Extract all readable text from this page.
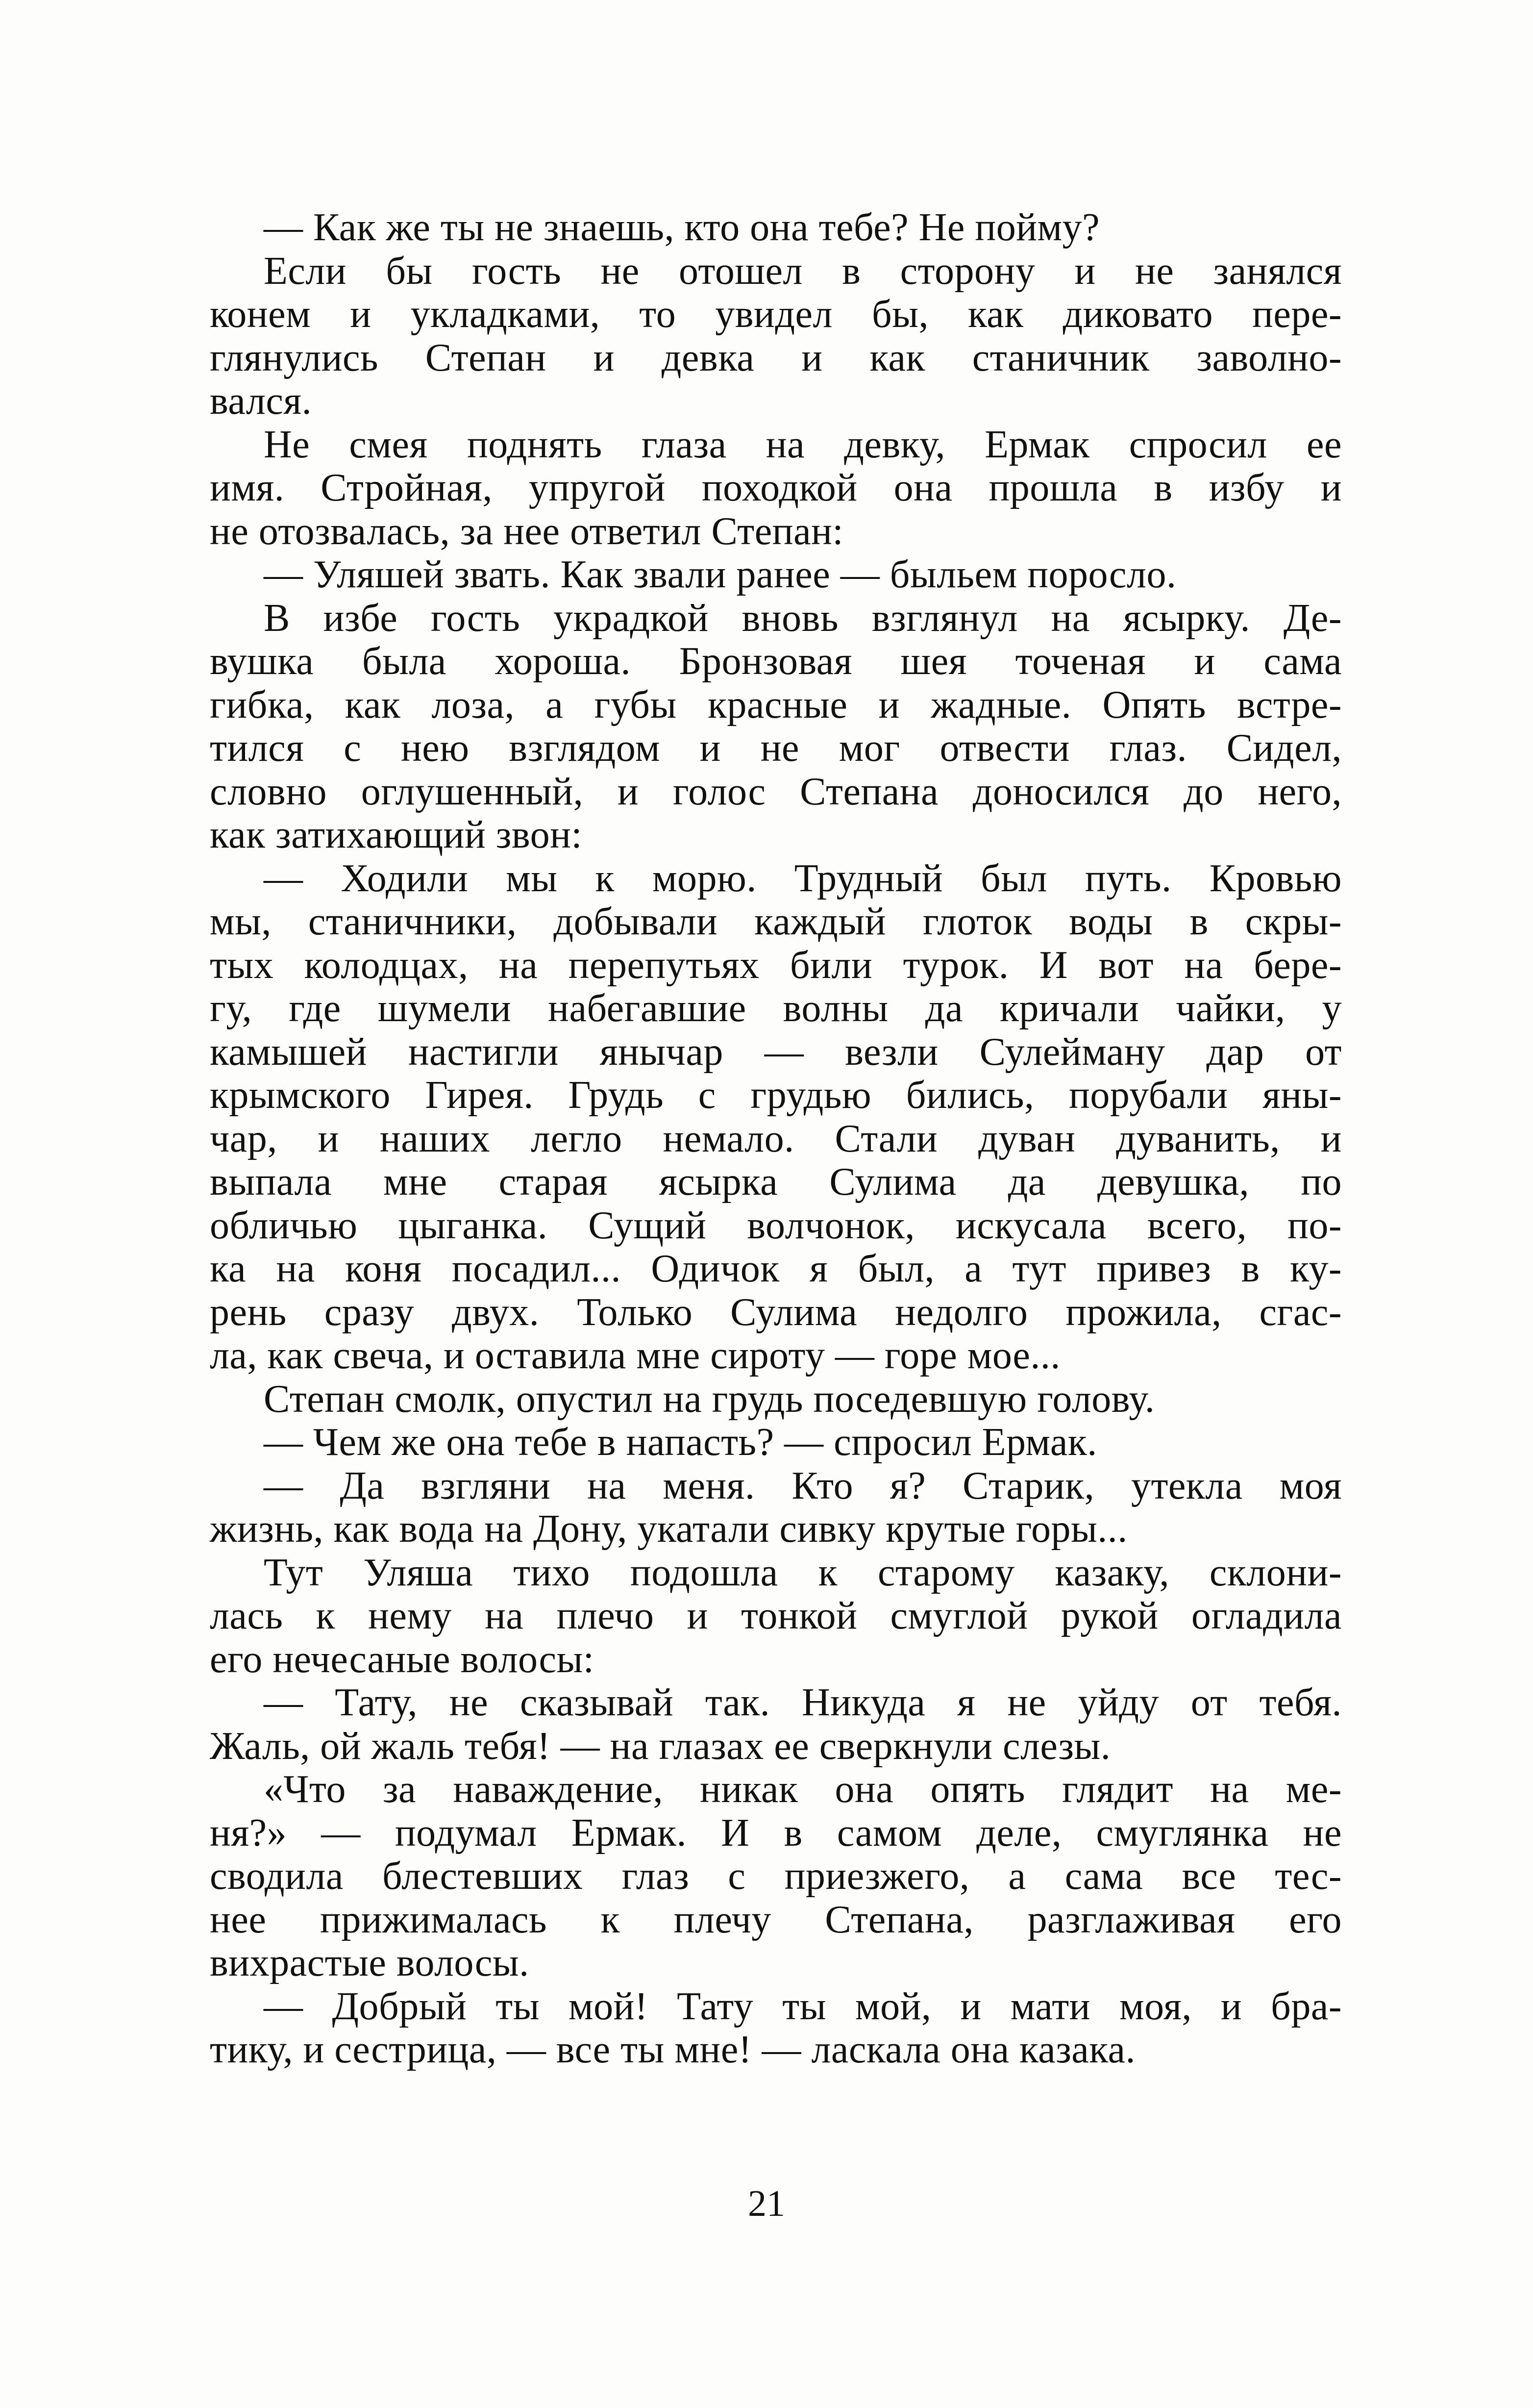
— Как же ты не знаешь, кто она тебе? Не пойму?
Если бы гость не отошел в сторону и не занялся
конем и укладками, то увидел бы, как диковато пере-
глянулись Степан и девка и как станичник заволно-
вался.
Не смея поднять глаза на девку, Ермак спросил ее
имя. Стройная, упругой походкой она прошла в избу и
не отозвалась, за нее ответил Степан:
— Уляшей звать. Как звали ранее — быльем поросло.
В избе гость украдкой вновь взглянул на ясырку. Де-
вушка была хороша. Бронзовая шея точеная и сама
гибка, как лоза, а губы красные и жадные. Опять встре-
тился с нею взглядом и не мог отвести глаз. Сидел,
словно оглушенный, и голос Степана доносился до него,
как затихающий звон:
— Ходили мы к морю. Трудный был путь. Кровью
мы, станичники, добывали каждый глоток воды в скры-
тых колодцах, на перепутьях били турок. И вот на бере-
гу, где шумели набегавшие волны да кричали чайки, у
камышей настигли янычар — везли Сулейману дар от
крымского Гирея. Грудь с грудью бились, порубали яны-
чар, и наших легло немало. Стали дуван дуванить, и
выпала мне старая ясырка Сулима да девушка, по
обличью цыганка. Сущий волчонок, искусала всего, по-
ка на коня посадил... Одичок я был, а тут привез в ку-
рень сразу двух. Только Сулима недолго прожила, сгас-
ла, как свеча, и оставила мне сироту — горе мое...
Степан смолк, опустил на грудь поседевшую голову.
— Чем же она тебе в напасть? — спросил Ермак.
— Да взгляни на меня. Кто я? Старик, утекла моя
жизнь, как вода на Дону, укатали сивку крутые горы...
Тут Уляша тихо подошла к старому казаку, склони-
лась к нему на плечо и тонкой смуглой рукой огладила
его нечесаные волосы:
— Тату, не сказывай так. Никуда я не уйду от тебя.
Жаль, ой жаль тебя! — на глазах ее сверкнули слезы.
«Что за наваждение, никак она опять глядит на ме-
ня?» — подумал Ермак. И в самом деле, смуглянка не
сводила блестевших глаз с приезжего, а сама все тес-
нее прижималась к плечу Степана, разглаживая его
вихрастые волосы.
— Добрый ты мой! Тату ты мой, и мати моя, и бра-
тику, и сестрица, — все ты мне! — ласкала она казака.
21
